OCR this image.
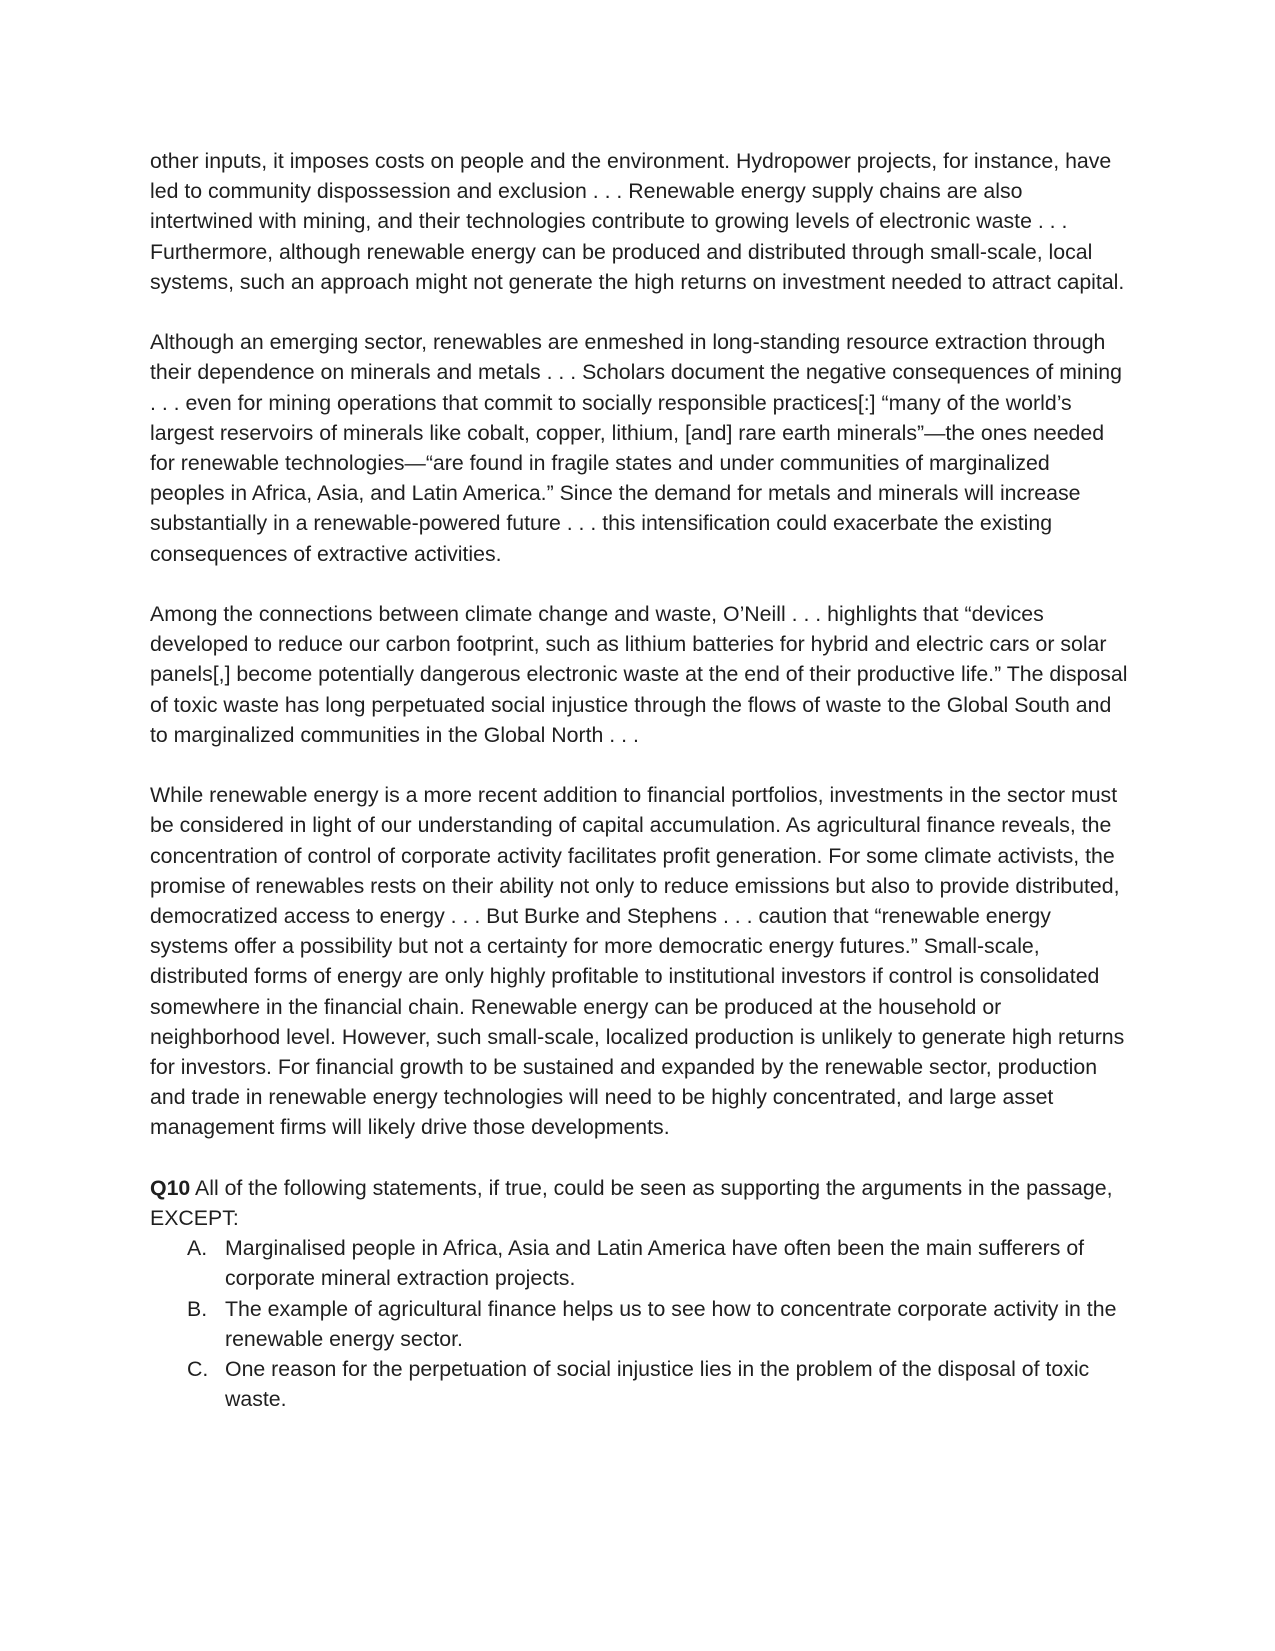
other inputs, it imposes costs on people and the environment. Hydropower projects, for instance, have led to community dispossession and exclusion . . . Renewable energy supply chains are also intertwined with mining, and their technologies contribute to growing levels of electronic waste . . . Furthermore, although renewable energy can be produced and distributed through small-scale, local systems, such an approach might not generate the high returns on investment needed to attract capital.

Although an emerging sector, renewables are enmeshed in long-standing resource extraction through their dependence on minerals and metals . . . Scholars document the negative consequences of mining . . . even for mining operations that commit to socially responsible practices[:] “many of the world’s largest reservoirs of minerals like cobalt, copper, lithium, [and] rare earth minerals”—the ones needed for renewable technologies—“are found in fragile states and under communities of marginalized peoples in Africa, Asia, and Latin America.” Since the demand for metals and minerals will increase substantially in a renewable-powered future . . . this intensification could exacerbate the existing consequences of extractive activities.

Among the connections between climate change and waste, O’Neill . . . highlights that “devices developed to reduce our carbon footprint, such as lithium batteries for hybrid and electric cars or solar panels[,] become potentially dangerous electronic waste at the end of their productive life.” The disposal of toxic waste has long perpetuated social injustice through the flows of waste to the Global South and to marginalized communities in the Global North . . .

While renewable energy is a more recent addition to financial portfolios, investments in the sector must be considered in light of our understanding of capital accumulation. As agricultural finance reveals, the concentration of control of corporate activity facilitates profit generation. For some climate activists, the promise of renewables rests on their ability not only to reduce emissions but also to provide distributed, democratized access to energy . . . But Burke and Stephens . . . caution that “renewable energy systems offer a possibility but not a certainty for more democratic energy futures.” Small-scale, distributed forms of energy are only highly profitable to institutional investors if control is consolidated somewhere in the financial chain. Renewable energy can be produced at the household or neighborhood level. However, such small-scale, localized production is unlikely to generate high returns for investors. For financial growth to be sustained and expanded by the renewable sector, production and trade in renewable energy technologies will need to be highly concentrated, and large asset management firms will likely drive those developments.

Q10 All of the following statements, if true, could be seen as supporting the arguments in the passage, EXCEPT:

A. Marginalised people in Africa, Asia and Latin America have often been the main sufferers of corporate mineral extraction projects.
B. The example of agricultural finance helps us to see how to concentrate corporate activity in the renewable energy sector.
C. One reason for the perpetuation of social injustice lies in the problem of the disposal of toxic waste.
